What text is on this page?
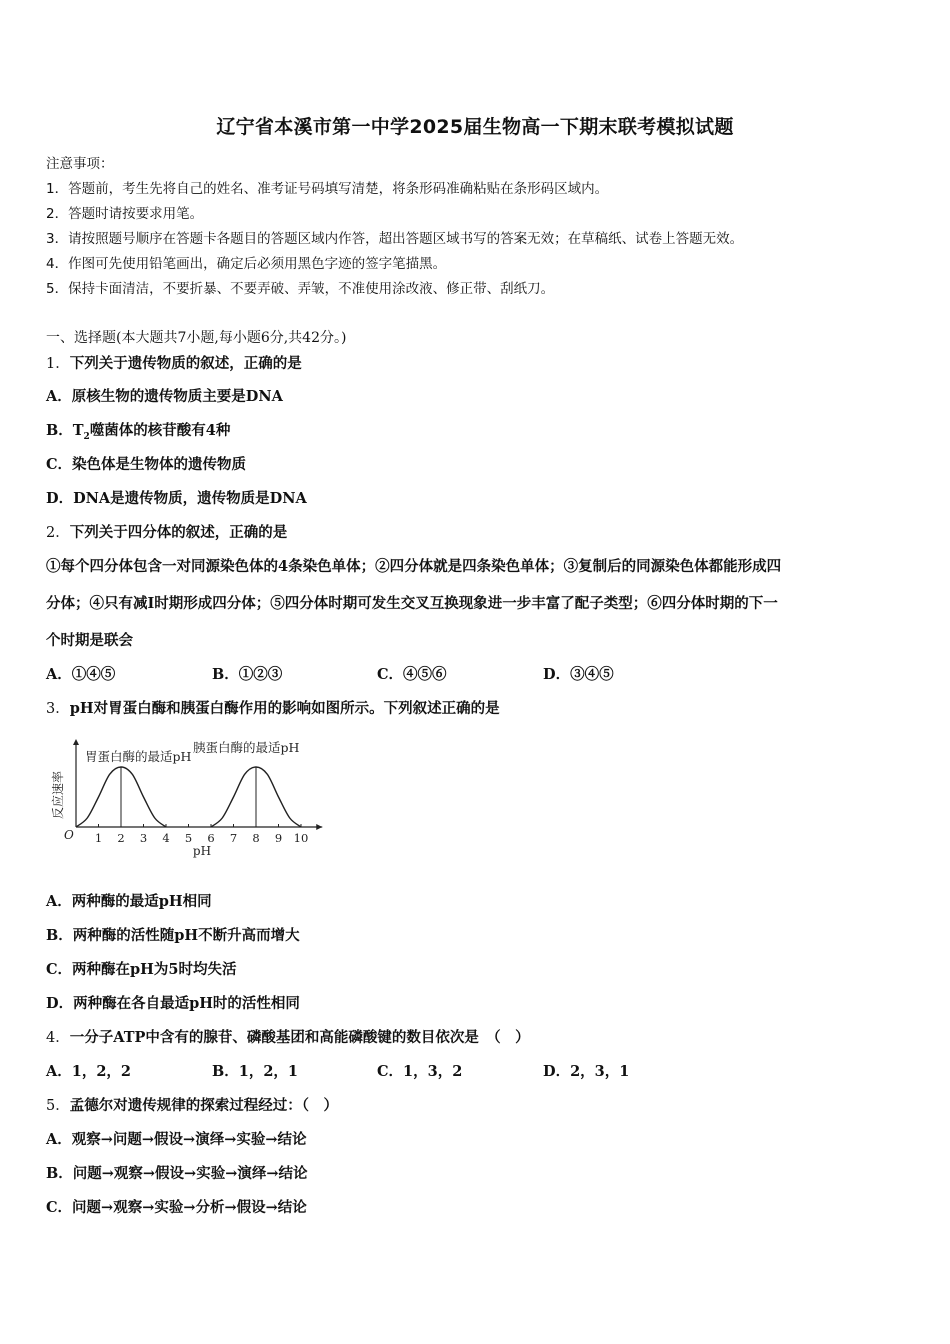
辽宁省本溪市第一中学2025届生物高一下期末联考模拟试题
注意事项：
1．答题前，考生先将自己的姓名、准考证号码填写清楚，将条形码准确粘贴在条形码区域内。
2．答题时请按要求用笔。
3．请按照题号顺序在答题卡各题目的答题区域内作答，超出答题区域书写的答案无效；在草稿纸、试卷上答题无效。
4．作图可先使用铅笔画出，确定后必须用黑色字迹的签字笔描黑。
5．保持卡面清洁，不要折暴、不要弄破、弄皱，不准使用涂改液、修正带、刮纸刀。
一、选择题(本大题共7小题,每小题6分,共42分。)
1．下列关于遗传物质的叙述，正确的是
A．原核生物的遗传物质主要是DNA
B．$T_2$噬菌体的核苷酸有4种
C．染色体是生物体的遗传物质
D．DNA是遗传物质，遗传物质是DNA
2．下列关于四分体的叙述，正确的是
①每个四分体包含一对同源染色体的4条染色单体；②四分体就是四条染色单体；③复制后的同源染色体都能形成四
分体；④只有减Ⅰ时期形成四分体；⑤四分体时期可发生交叉互换现象进一步丰富了配子类型；⑥四分体时期的下一
个时期是联会
A．①④⑤	B．①②③	C．④⑤⑥	D．③④⑤
3．pH对胃蛋白酶和胰蛋白酶作用的影响如图所示。下列叙述正确的是
O
反应速率
1 2 3 4 5 6 7 8 9 10
pH
胃蛋白酶的最适pH
胰蛋白酶的最适pH
A．两种酶的最适pH相同
B．两种酶的活性随pH不断升高而增大
C．两种酶在pH为5时均失活
D．两种酶在各自最适pH时的活性相同
4．一分子ATP中含有的腺苷、磷酸基团和高能磷酸键的数目依次是　（　）
A．1，2，2	B．1，2，1	C．1，3，2	D．2，3，1
5．孟德尔对遗传规律的探索过程经过：（　）
A．观察→问题→假设→演绎→实验→结论
B．问题→观察→假设→实验→演绎→结论
C．问题→观察→实验→分析→假设→结论
